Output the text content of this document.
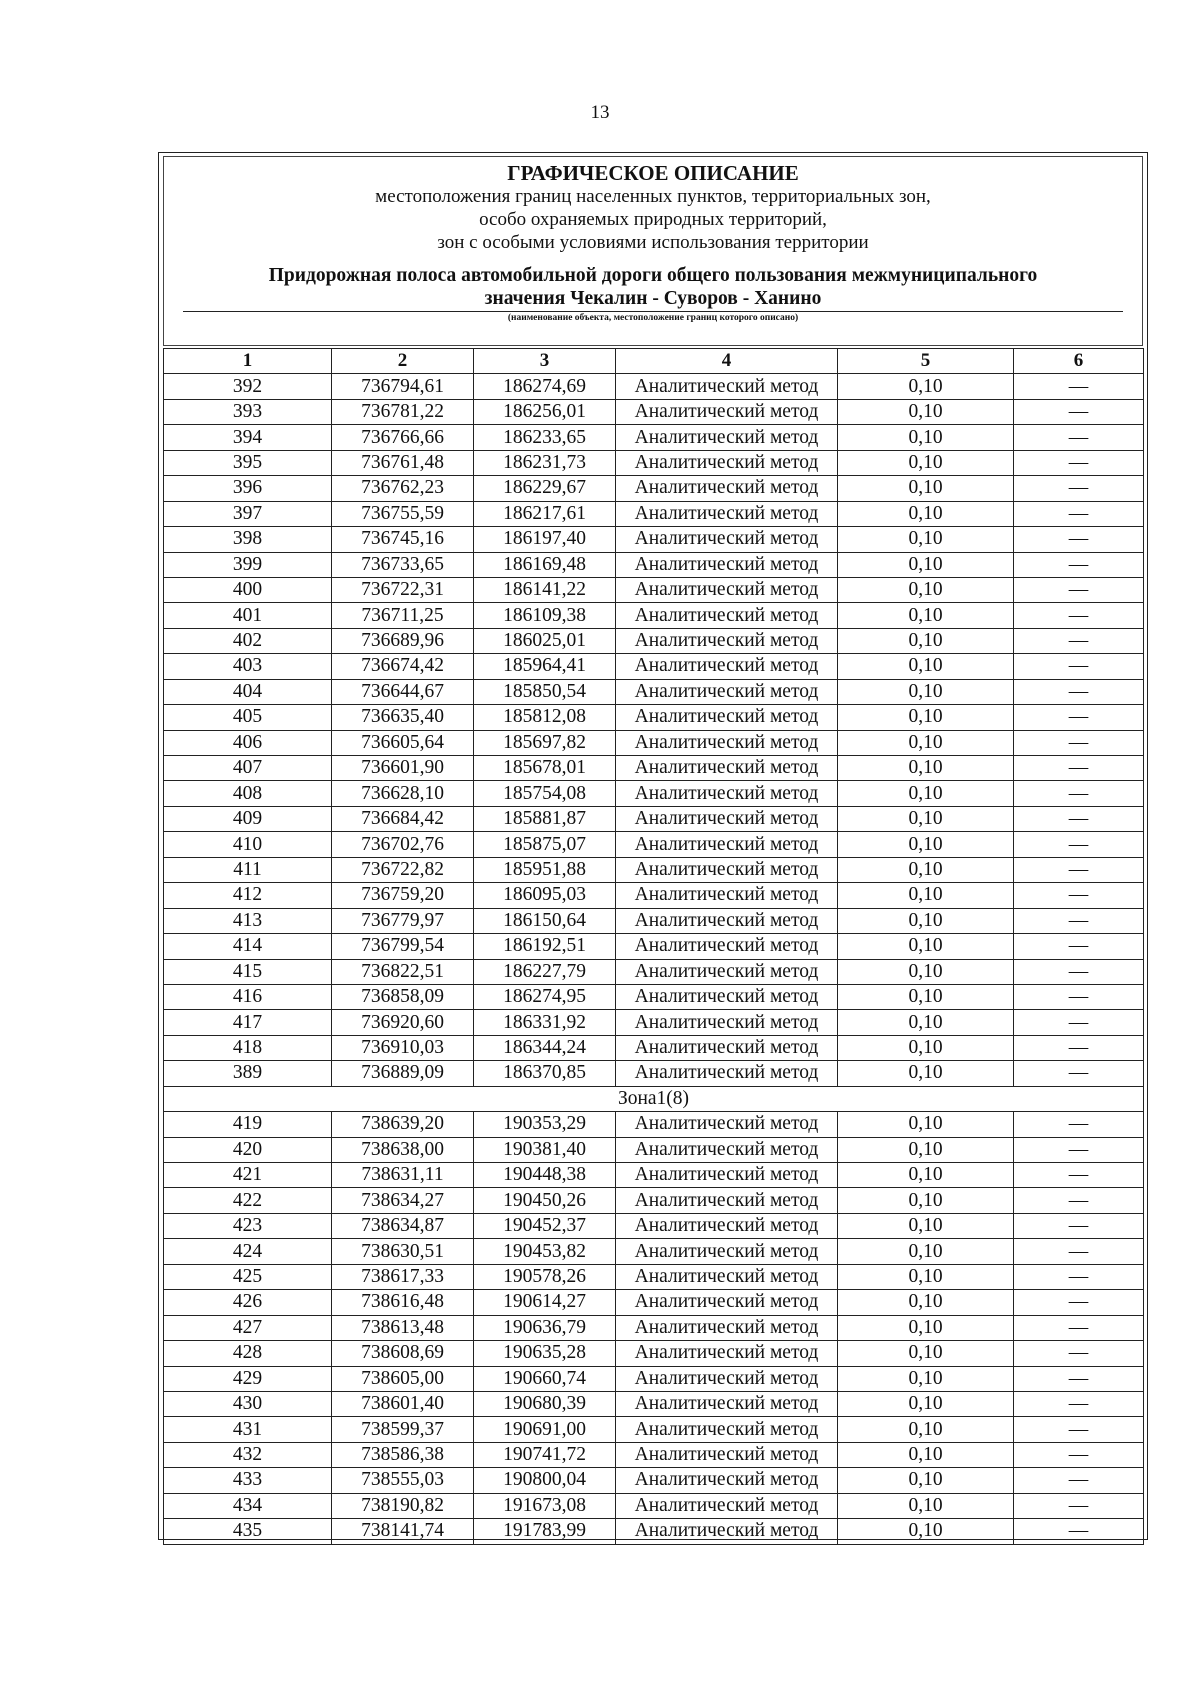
13
ГРАФИЧЕСКОЕ ОПИСАНИЕ
местоположения границ населенных пунктов, территориальных зон,
особо охраняемых природных территорий,
зон с особыми условиями использования территории
Придорожная полоса автомобильной дороги общего пользования межмуниципального
значения Чекалин - Суворов - Ханино
(наименование объекта, местоположение границ которого описано)
1	2	3	4	5	6
392	736794,61	186274,69	Аналитический метод	0,10	—
393	736781,22	186256,01	Аналитический метод	0,10	—
394	736766,66	186233,65	Аналитический метод	0,10	—
395	736761,48	186231,73	Аналитический метод	0,10	—
396	736762,23	186229,67	Аналитический метод	0,10	—
397	736755,59	186217,61	Аналитический метод	0,10	—
398	736745,16	186197,40	Аналитический метод	0,10	—
399	736733,65	186169,48	Аналитический метод	0,10	—
400	736722,31	186141,22	Аналитический метод	0,10	—
401	736711,25	186109,38	Аналитический метод	0,10	—
402	736689,96	186025,01	Аналитический метод	0,10	—
403	736674,42	185964,41	Аналитический метод	0,10	—
404	736644,67	185850,54	Аналитический метод	0,10	—
405	736635,40	185812,08	Аналитический метод	0,10	—
406	736605,64	185697,82	Аналитический метод	0,10	—
407	736601,90	185678,01	Аналитический метод	0,10	—
408	736628,10	185754,08	Аналитический метод	0,10	—
409	736684,42	185881,87	Аналитический метод	0,10	—
410	736702,76	185875,07	Аналитический метод	0,10	—
411	736722,82	185951,88	Аналитический метод	0,10	—
412	736759,20	186095,03	Аналитический метод	0,10	—
413	736779,97	186150,64	Аналитический метод	0,10	—
414	736799,54	186192,51	Аналитический метод	0,10	—
415	736822,51	186227,79	Аналитический метод	0,10	—
416	736858,09	186274,95	Аналитический метод	0,10	—
417	736920,60	186331,92	Аналитический метод	0,10	—
418	736910,03	186344,24	Аналитический метод	0,10	—
389	736889,09	186370,85	Аналитический метод	0,10	—
Зона1(8)					
419	738639,20	190353,29	Аналитический метод	0,10	—
420	738638,00	190381,40	Аналитический метод	0,10	—
421	738631,11	190448,38	Аналитический метод	0,10	—
422	738634,27	190450,26	Аналитический метод	0,10	—
423	738634,87	190452,37	Аналитический метод	0,10	—
424	738630,51	190453,82	Аналитический метод	0,10	—
425	738617,33	190578,26	Аналитический метод	0,10	—
426	738616,48	190614,27	Аналитический метод	0,10	—
427	738613,48	190636,79	Аналитический метод	0,10	—
428	738608,69	190635,28	Аналитический метод	0,10	—
429	738605,00	190660,74	Аналитический метод	0,10	—
430	738601,40	190680,39	Аналитический метод	0,10	—
431	738599,37	190691,00	Аналитический метод	0,10	—
432	738586,38	190741,72	Аналитический метод	0,10	—
433	738555,03	190800,04	Аналитический метод	0,10	—
434	738190,82	191673,08	Аналитический метод	0,10	—
435	738141,74	191783,99	Аналитический метод	0,10	—
